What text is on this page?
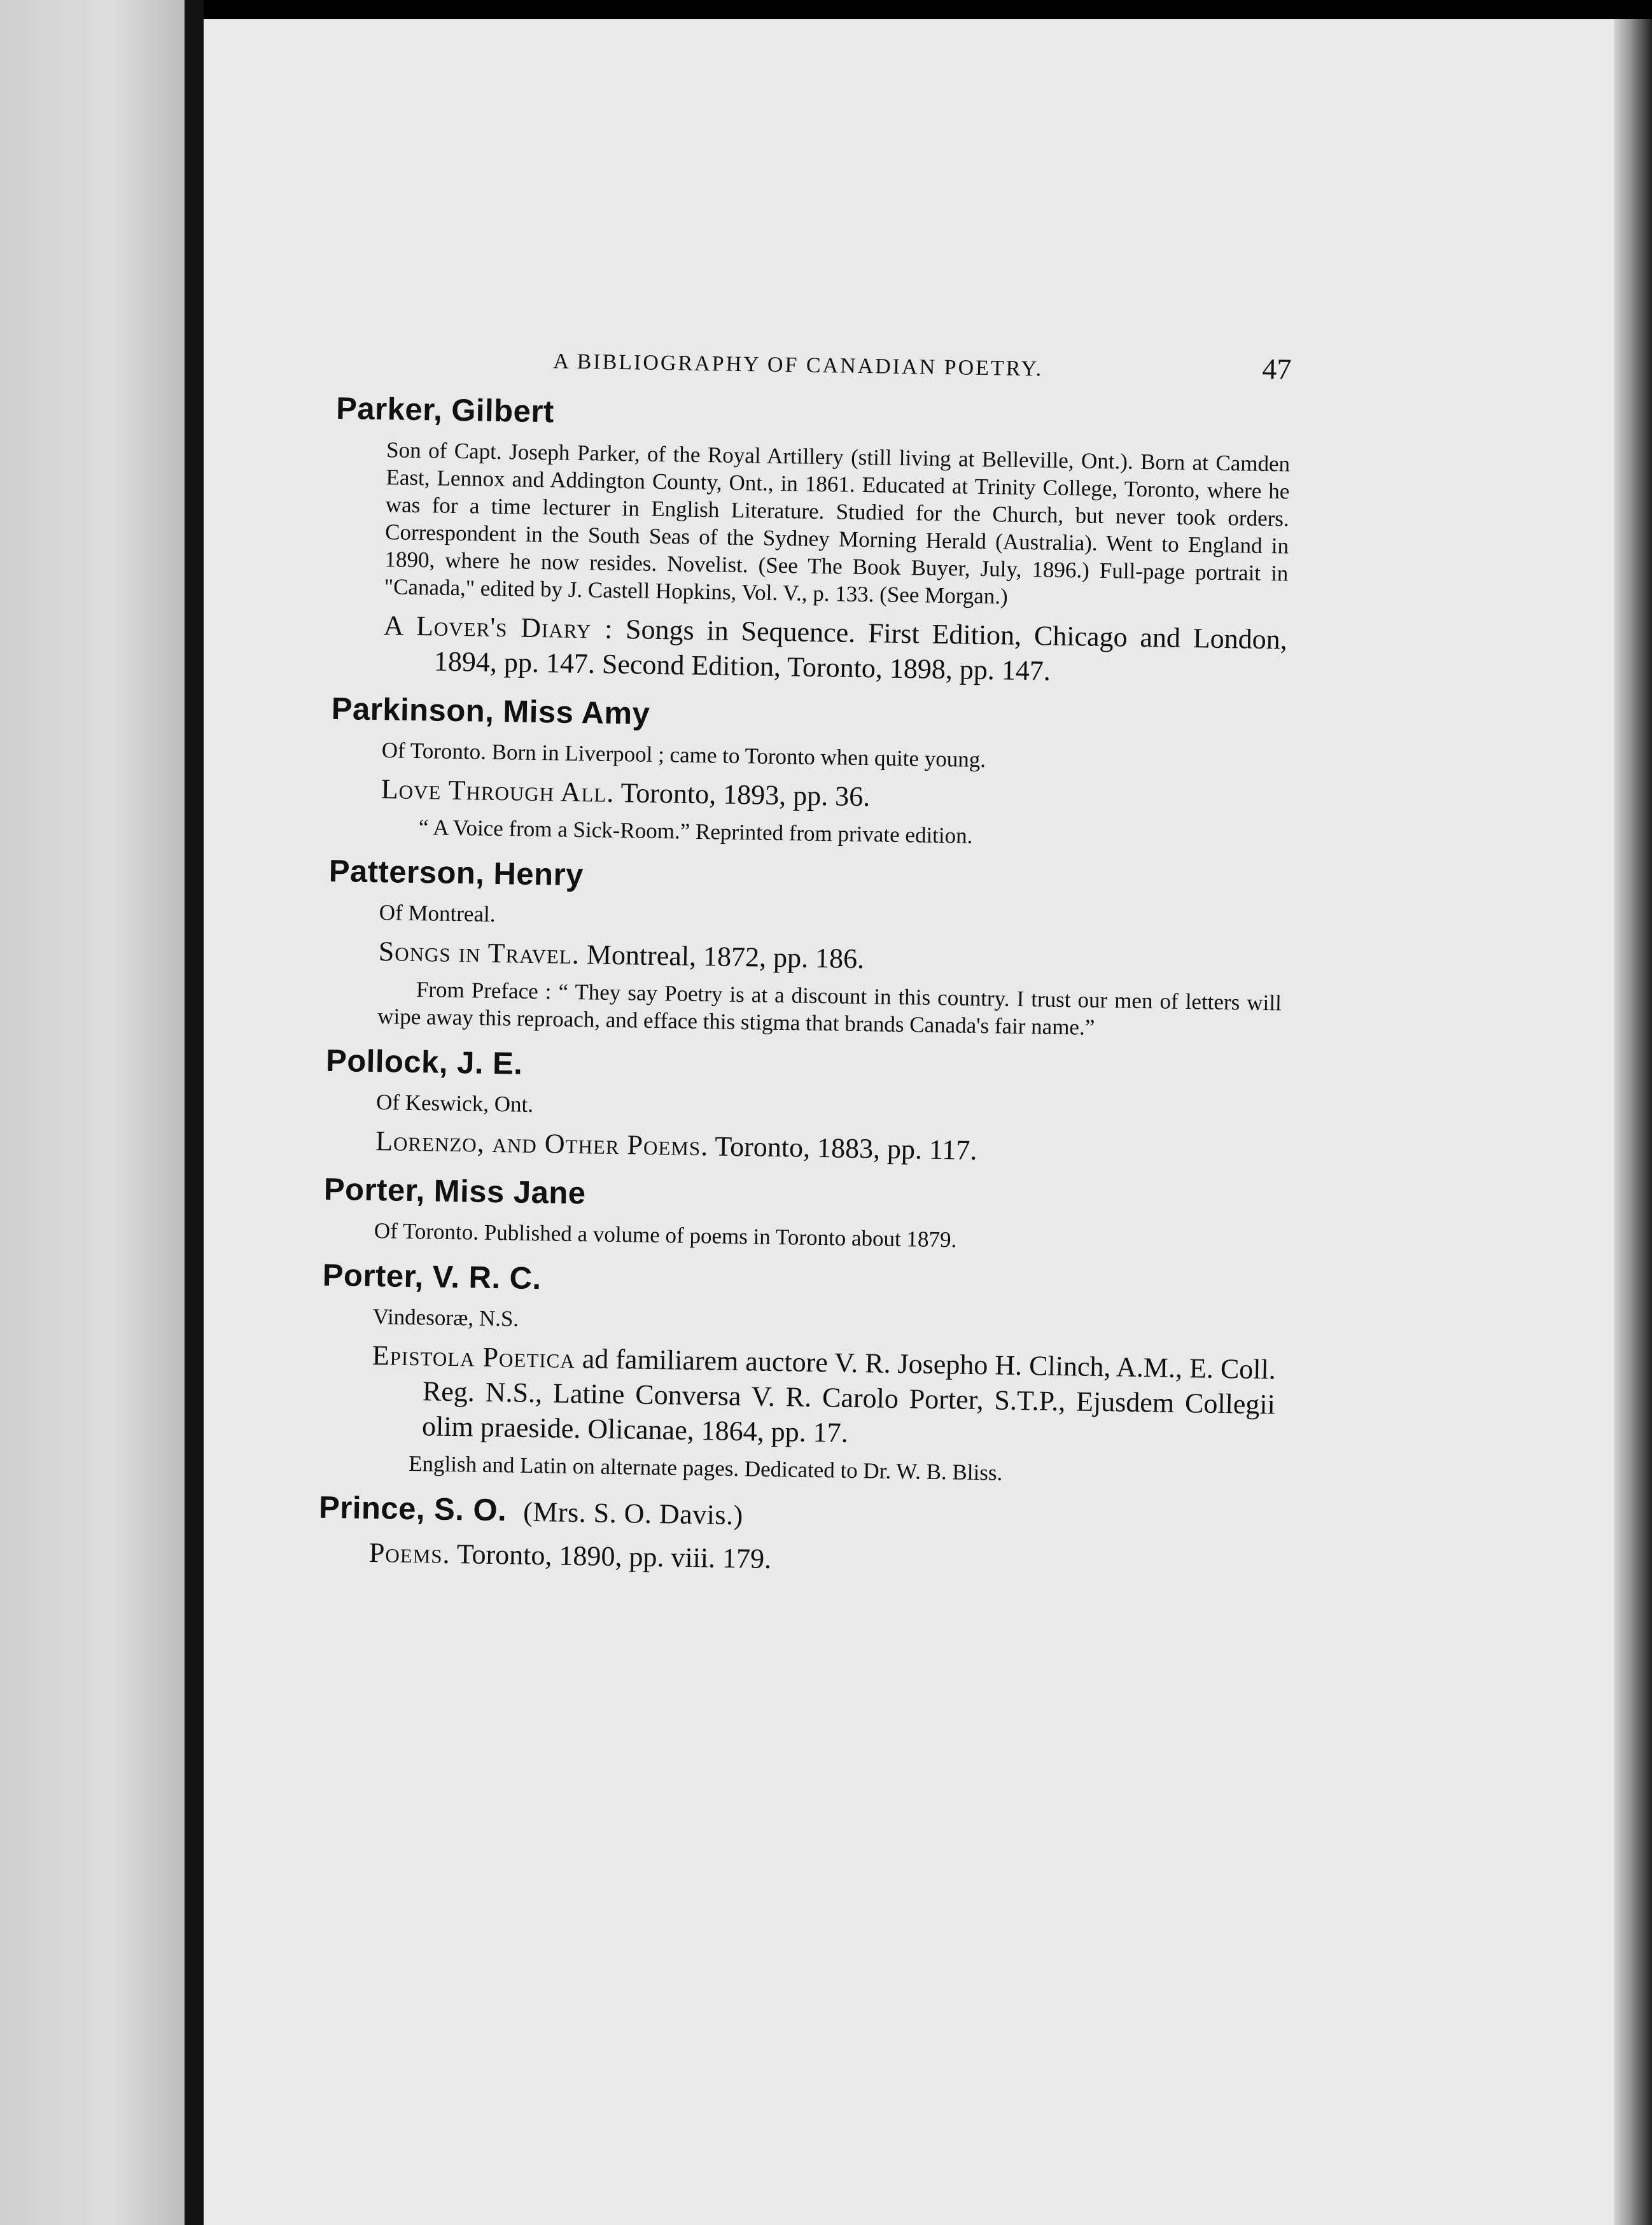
A BIBLIOGRAPHY OF CANADIAN POETRY.	47

Parker, Gilbert

Son of Capt. Joseph Parker, of the Royal Artillery (still living at Belleville, Ont.). Born at Camden East, Lennox and Addington County, Ont., in 1861. Educated at Trinity College, Toronto, where he was for a time lecturer in English Literature. Studied for the Church, but never took orders. Correspondent in the South Seas of the Sydney Morning Herald (Australia). Went to England in 1890, where he now resides. Novelist. (See The Book Buyer, July, 1896.) Full-page portrait in "Canada," edited by J. Castell Hopkins, Vol. V., p. 133. (See Morgan.)

A Lover's Diary : Songs in Sequence. First Edition, Chicago and London, 1894, pp. 147. Second Edition, Toronto, 1898, pp. 147.

Parkinson, Miss Amy

Of Toronto. Born in Liverpool ; came to Toronto when quite young.

Love Through All. Toronto, 1893, pp. 36.

“ A Voice from a Sick-Room.” Reprinted from private edition.

Patterson, Henry

Of Montreal.

Songs in Travel. Montreal, 1872, pp. 186.

From Preface : “ They say Poetry is at a discount in this country. I trust our men of letters will wipe away this reproach, and efface this stigma that brands Canada's fair name.”

Pollock, J. E.

Of Keswick, Ont.

Lorenzo, and Other Poems. Toronto, 1883, pp. 117.

Porter, Miss Jane

Of Toronto. Published a volume of poems in Toronto about 1879.

Porter, V. R. C.

Vindesoræ, N.S.

Epistola Poetica ad familiarem auctore V. R. Josepho H. Clinch, A.M., E. Coll. Reg. N.S., Latine Conversa V. R. Carolo Porter, S.T.P., Ejusdem Collegii olim praeside. Olicanae, 1864, pp. 17.

English and Latin on alternate pages. Dedicated to Dr. W. B. Bliss.

Prince, S. O. (Mrs. S. O. Davis.)

Poems. Toronto, 1890, pp. viii. 179.
